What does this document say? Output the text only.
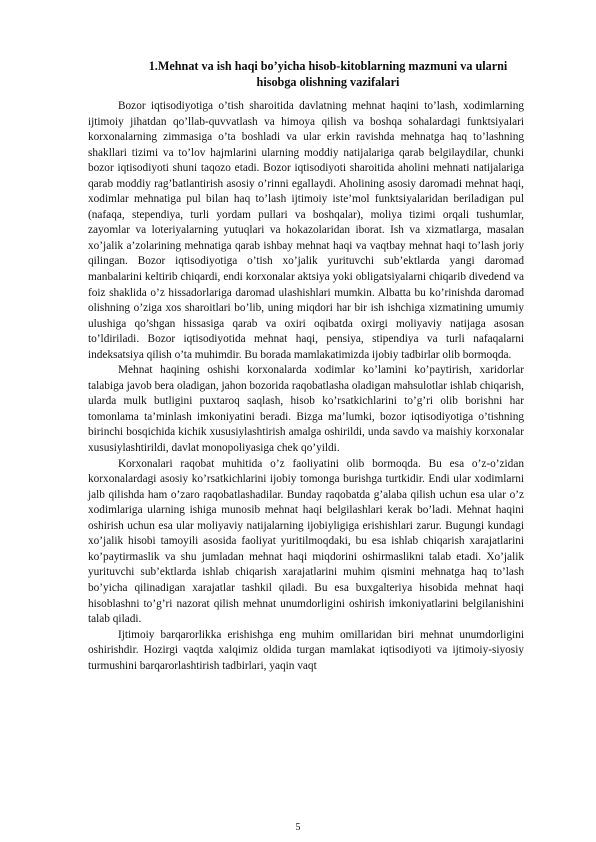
1.Mehnat va ish haqi bo’yicha hisob-kitoblarning mazmuni va ularni
hisobga olishning vazifalari

Bozor iqtisodiyotiga o’tish sharoitida davlatning mehnat haqini to’lash, xodimlarning ijtimoiy jihatdan qo’llab-quvvatlash va himoya qilish va boshqa sohalardagi funktsiyalari korxonalarning zimmasiga o’ta boshladi va ular erkin ravishda mehnatga haq to’lashning shakllari tizimi va to’lov hajmlarini ularning moddiy natijalariga qarab belgilaydilar, chunki bozor iqtisodiyoti shuni taqozo etadi. Bozor iqtisodiyoti sharoitida aholini mehnati natijalariga qarab moddiy rag’batlantirish asosiy o’rinni egallaydi. Aholining asosiy daromadi mehnat haqi, xodimlar mehnatiga pul bilan haq to’lash ijtimoiy iste’mol funktsiyalaridan beriladigan pul (nafaqa, stependiya, turli yordam pullari va boshqalar), moliya tizimi orqali tushumlar, zayomlar va loteriyalarning yutuqlari va hokazolaridan iborat. Ish va xizmatlarga, masalan xo’jalik a’zolarining mehnatiga qarab ishbay mehnat haqi va vaqtbay mehnat haqi to’lash joriy qilingan. Bozor iqtisodiyotiga o’tish xo’jalik yurituvchi sub’ektlarda yangi daromad manbalarini keltirib chiqardi, endi korxonalar aktsiya yoki obligatsiyalarni chiqarib divedend va foiz shaklida o’z hissadorlariga daromad ulashishlari mumkin. Albatta bu ko’rinishda daromad olishning o’ziga xos sharoitlari bo’lib, uning miqdori har bir ish ishchiga xizmatining umumiy ulushiga qo’shgan hissasiga qarab va oxiri oqibatda oxirgi moliyaviy natijaga asosan to’ldiriladi. Bozor iqtisodiyotida mehnat haqi, pensiya, stipendiya va turli nafaqalarni indeksatsiya qilish o’ta muhimdir. Bu borada mamlakatimizda ijobiy tadbirlar olib bormoqda.

Mehnat haqining oshishi korxonalarda xodimlar ko’lamini ko’paytirish, xaridorlar talabiga javob bera oladigan, jahon bozorida raqobatlasha oladigan mahsulotlar ishlab chiqarish, ularda mulk butligini puxtaroq saqlash, hisob ko’rsatkichlarini to’g’ri olib borishni har tomonlama ta’minlash imkoniyatini beradi. Bizga ma’lumki, bozor iqtisodiyotiga o’tishning birinchi bosqichida kichik xususiylashtirish amalga oshirildi, unda savdo va maishiy korxonalar xususiylashtirildi, davlat monopoliyasiga chek qo’yildi.

Korxonalari raqobat muhitida o’z faoliyatini olib bormoqda. Bu esa o’z-o’zidan korxonalardagi asosiy ko’rsatkichlarini ijobiy tomonga burishga turtkidir. Endi ular xodimlarni jalb qilishda ham o’zaro raqobatlashadilar. Bunday raqobatda g’alaba qilish uchun esa ular o’z xodimlariga ularning ishiga munosib mehnat haqi belgilashlari kerak bo’ladi. Mehnat haqini oshirish uchun esa ular moliyaviy natijalarning ijobiyligiga erishishlari zarur. Bugungi kundagi xo’jalik hisobi tamoyili asosida faoliyat yuritilmoqdaki, bu esa ishlab chiqarish xarajatlarini ko’paytirmaslik va shu jumladan mehnat haqi miqdorini oshirmaslikni talab etadi. Xo’jalik yurituvchi sub’ektlarda ishlab chiqarish xarajatlarini muhim qismini mehnatga haq to’lash bo’yicha qilinadigan xarajatlar tashkil qiladi. Bu esa buxgalteriya hisobida mehnat haqi hisoblashni to’g’ri nazorat qilish mehnat unumdorligini oshirish imkoniyatlarini belgilanishini talab qiladi.

Ijtimoiy barqarorlikka erishishga eng muhim omillaridan biri mehnat unumdorligini oshirishdir. Hozirgi vaqtda xalqimiz oldida turgan mamlakat iqtisodiyoti va ijtimoiy-siyosiy turmushini barqarorlashtirish tadbirlari, yaqin vaqt

5
